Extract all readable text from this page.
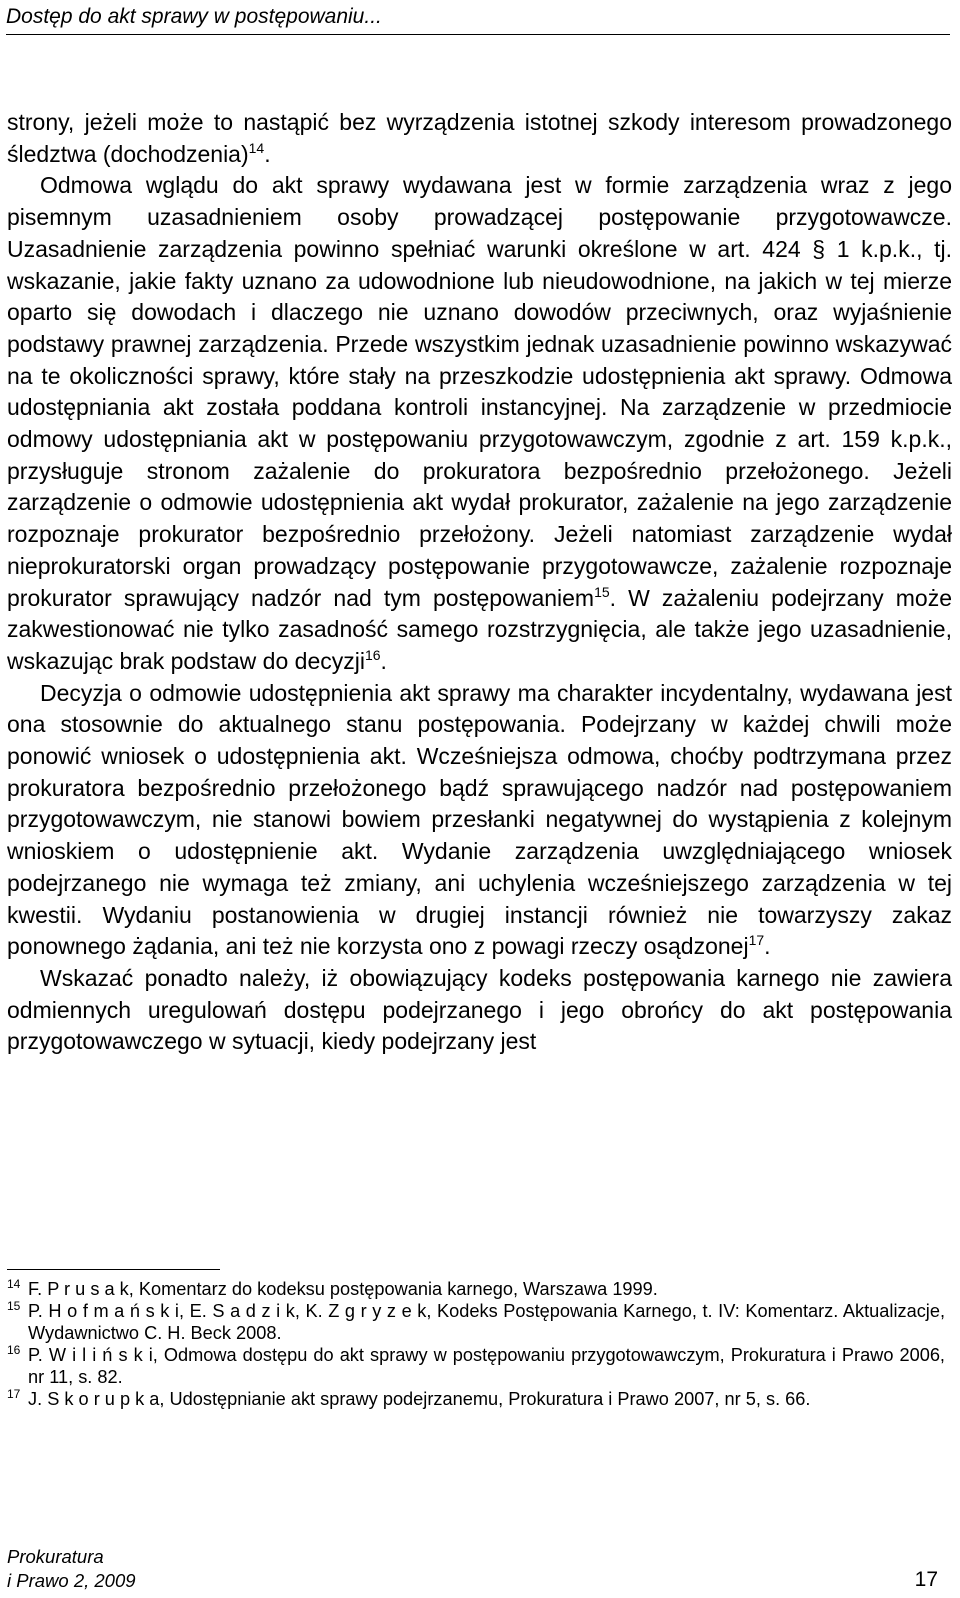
Dostęp do akt sprawy w postępowaniu...

strony, jeżeli może to nastąpić bez wyrządzenia istotnej szkody interesom prowadzonego śledztwa (dochodzenia)$^{14}$.

Odmowa wglądu do akt sprawy wydawana jest w formie zarządzenia wraz z jego pisemnym uzasadnieniem osoby prowadzącej postępowanie przygotowawcze. Uzasadnienie zarządzenia powinno spełniać warunki określone w art. 424 § 1 k.p.k., tj. wskazanie, jakie fakty uznano za udowodnione lub nieudowodnione, na jakich w tej mierze oparto się dowodach i dlaczego nie uznano dowodów przeciwnych, oraz wyjaśnienie podstawy prawnej zarządzenia. Przede wszystkim jednak uzasadnienie powinno wskazywać na te okoliczności sprawy, które stały na przeszkodzie udostępnienia akt sprawy. Odmowa udostępniania akt została poddana kontroli instancyjnej. Na zarządzenie w przedmiocie odmowy udostępniania akt w postępowaniu przygotowawczym, zgodnie z art. 159 k.p.k., przysługuje stronom zażalenie do prokuratora bezpośrednio przełożonego. Jeżeli zarządzenie o odmowie udostępnienia akt wydał prokurator, zażalenie na jego zarządzenie rozpoznaje prokurator bezpośrednio przełożony. Jeżeli natomiast zarządzenie wydał nieprokuratorski organ prowadzący postępowanie przygotowawcze, zażalenie rozpoznaje prokurator sprawujący nadzór nad tym postępowaniem$^{15}$. W zażaleniu podejrzany może zakwestionować nie tylko zasadność samego rozstrzygnięcia, ale także jego uzasadnienie, wskazując brak podstaw do decyzji$^{16}$.

Decyzja o odmowie udostępnienia akt sprawy ma charakter incydentalny, wydawana jest ona stosownie do aktualnego stanu postępowania. Podejrzany w każdej chwili może ponowić wniosek o udostępnienia akt. Wcześniejsza odmowa, choćby podtrzymana przez prokuratora bezpośrednio przełożonego bądź sprawującego nadzór nad postępowaniem przygotowawczym, nie stanowi bowiem przesłanki negatywnej do wystąpienia z kolejnym wnioskiem o udostępnienie akt. Wydanie zarządzenia uwzględniającego wniosek podejrzanego nie wymaga też zmiany, ani uchylenia wcześniejszego zarządzenia w tej kwestii. Wydaniu postanowienia w drugiej instancji również nie towarzyszy zakaz ponownego żądania, ani też nie korzysta ono z powagi rzeczy osądzonej$^{17}$.

Wskazać ponadto należy, iż obowiązujący kodeks postępowania karnego nie zawiera odmiennych uregulowań dostępu podejrzanego i jego obrońcy do akt postępowania przygotowawczego w sytuacji, kiedy podejrzany jest

14 F. P r u s a k, Komentarz do kodeksu postępowania karnego, Warszawa 1999.

15 P. H o f m a ń s k i, E. S a d z i k, K. Z g r y z e k, Kodeks Postępowania Karnego, t. IV: Komentarz. Aktualizacje, Wydawnictwo C. H. Beck 2008.

16 P. W i l i ń s k i, Odmowa dostępu do akt sprawy w postępowaniu przygotowawczym, Prokuratura i Prawo 2006, nr 11, s. 82.

17 J. S k o r u p k a, Udostępnianie akt sprawy podejrzanemu, Prokuratura i Prawo 2007, nr 5, s. 66.

Prokuratura
i Prawo 2, 2009	17
